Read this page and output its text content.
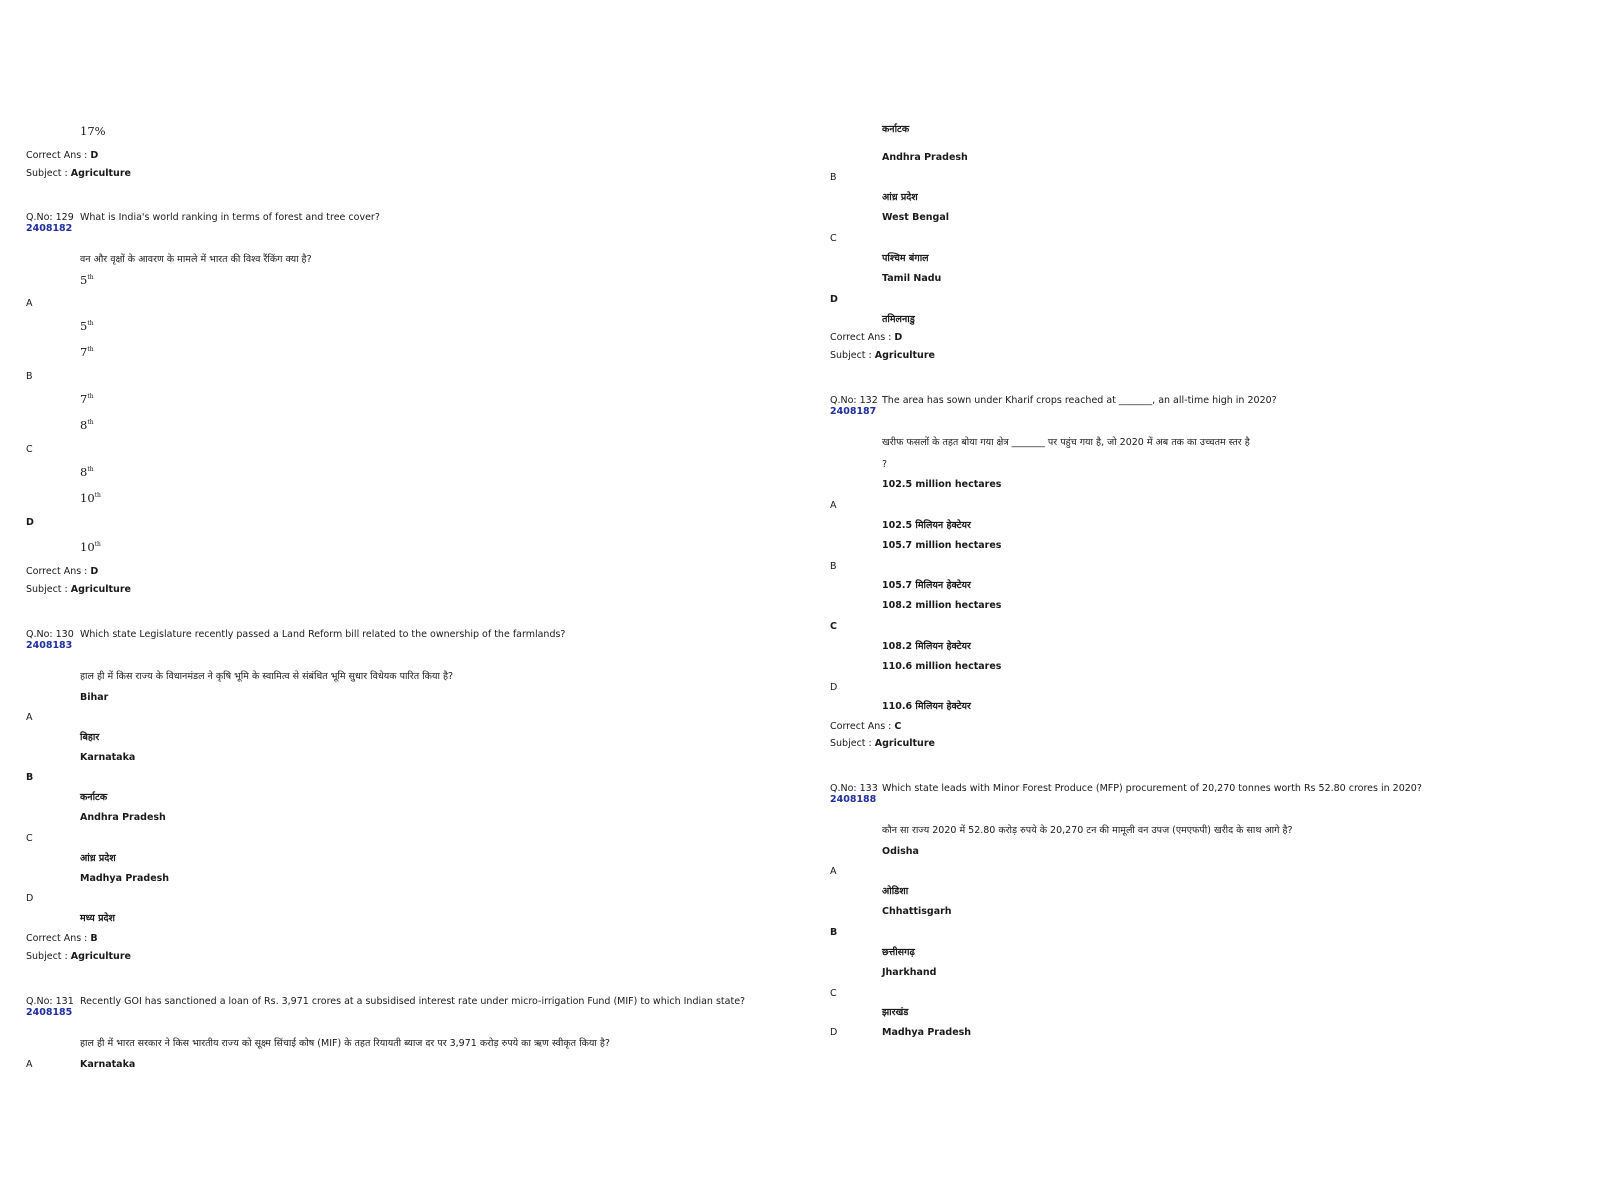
17%
Correct Ans : D
Subject : Agriculture
Q.No: 129
2408182
What is India's world ranking in terms of forest and tree cover?
वन और वृक्षों के आवरण के मामले में भारत की विश्व रैंकिंग क्या है?
5th
A
5th
7th
B
7th
8th
C
8th
10th
D
10th
Correct Ans : D
Subject : Agriculture
Q.No: 130
2408183
Which state Legislature recently passed a Land Reform bill related to the ownership of the farmlands?
हाल ही में किस राज्य के विधानमंडल ने कृषि भूमि के स्वामित्व से संबंधित भूमि सुधार विधेयक पारित किया है?
Bihar
A
बिहार
Karnataka
B
कर्नाटक
Andhra Pradesh
C
आंध्र प्रदेश
Madhya Pradesh
D
मध्य प्रदेश
Correct Ans : B
Subject : Agriculture
Q.No: 131
2408185
Recently GOI has sanctioned a loan of Rs. 3,971 crores at a subsidised interest rate under micro-irrigation Fund (MIF) to which Indian state?
हाल ही में भारत सरकार ने किस भारतीय राज्य को सूक्ष्म सिंचाई कोष (MIF) के तहत रियायती ब्याज दर पर 3,971 करोड़ रुपये का ऋण स्वीकृत किया है?
A	Karnataka
कर्नाटक
Andhra Pradesh
B
आंध्र प्रदेश
West Bengal
C
पश्चिम बंगाल
Tamil Nadu
D
तमिलनाडु
Correct Ans : D
Subject : Agriculture
Q.No: 132
2408187
The area has sown under Kharif crops reached at _______, an all-time high in 2020?
खरीफ फसलों के तहत बोया गया क्षेत्र _______ पर पहुंच गया है, जो 2020 में अब तक का उच्चतम स्तर है
?
102.5 million hectares
A
102.5 मिलियन हेक्टेयर
105.7 million hectares
B
105.7 मिलियन हेक्टेयर
108.2 million hectares
C
108.2 मिलियन हेक्टेयर
110.6 million hectares
D
110.6 मिलियन हेक्टेयर
Correct Ans : C
Subject : Agriculture
Q.No: 133
2408188
Which state leads with Minor Forest Produce (MFP) procurement of 20,270 tonnes worth Rs 52.80 crores in 2020?
कौन सा राज्य 2020 में 52.80 करोड़ रुपये के 20,270 टन की मामूली वन उपज (एमएफपी) खरीद के साथ आगे है?
Odisha
A
ओडिशा
Chhattisgarh
B
छत्तीसगढ़
Jharkhand
C
झारखंड
D	Madhya Pradesh
